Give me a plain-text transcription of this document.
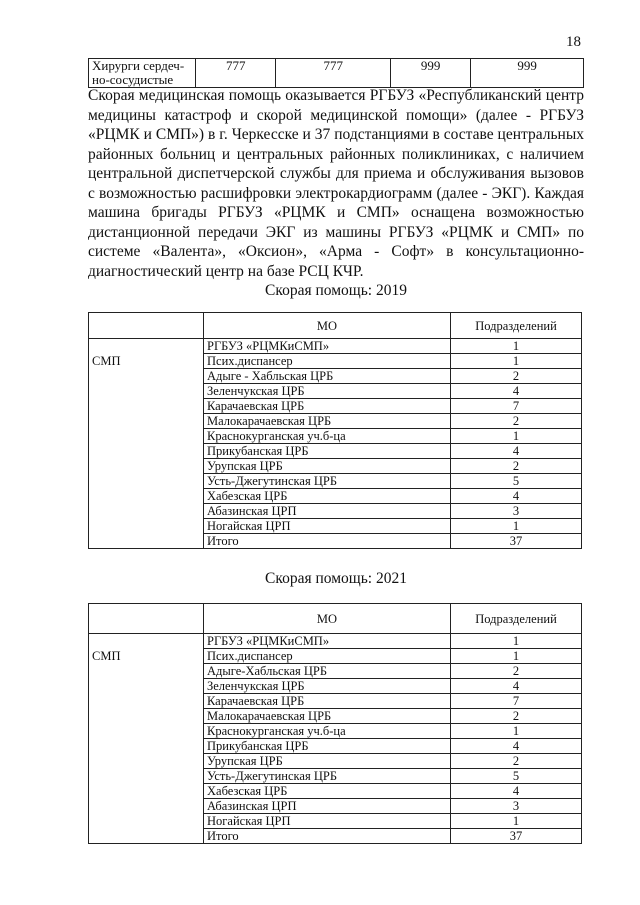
18
Хирурги сердеч-
но-сосудистые
	777	777	999	999

Скорая медицинская помощь оказывается РГБУЗ «Республиканский центр медицины катастроф и скорой медицинской помощи» (далее - РГБУЗ «РЦМК и СМП») в г. Черкесске и 37 подстанциями в составе центральных районных больниц и центральных районных поликлиниках, с наличием центральной диспетчерской службы для приема и обслуживания вызовов с возможностью расшифровки электрокардиограмм (далее - ЭКГ). Каждая машина бригады РГБУЗ «РЦМК и СМП» оснащена возможностью дистанционной передачи ЭКГ из машины РГБУЗ «РЦМК и СМП» по системе «Валента», «Оксион», «Арма - Софт» в консультационно-диагностический центр на базе РСЦ КЧР.

Скорая помощь: 2019
	МО	Подразделений
	РГБУЗ «РЦМКиСМП»	1
СМП	Псих.диспансер	1
	Адыге - Хабльская ЦРБ	2
	Зеленчукская ЦРБ	4
	Карачаевская ЦРБ	7
	Малокарачаевская ЦРБ	2
	Краснокурганская уч.б-ца	1
	Прикубанская ЦРБ	4
	Урупская ЦРБ	2
	Усть-Джегутинская ЦРБ	5
	Хабезская ЦРБ	4
	Абазинская ЦРП	3
	Ногайская ЦРП	1
	Итого	37
Скорая помощь: 2021
	МО	Подразделений
	РГБУЗ «РЦМКиСМП»	1
СМП	Псих.диспансер	1
	Адыге-Хабльская ЦРБ	2
	Зеленчукская ЦРБ	4
	Карачаевская ЦРБ	7
	Малокарачаевская ЦРБ	2
	Краснокурганская уч.б-ца	1
	Прикубанская ЦРБ	4
	Урупская ЦРБ	2
	Усть-Джегутинская ЦРБ	5
	Хабезская ЦРБ	4
	Абазинская ЦРП	3
	Ногайская ЦРП	1
	Итого	37
